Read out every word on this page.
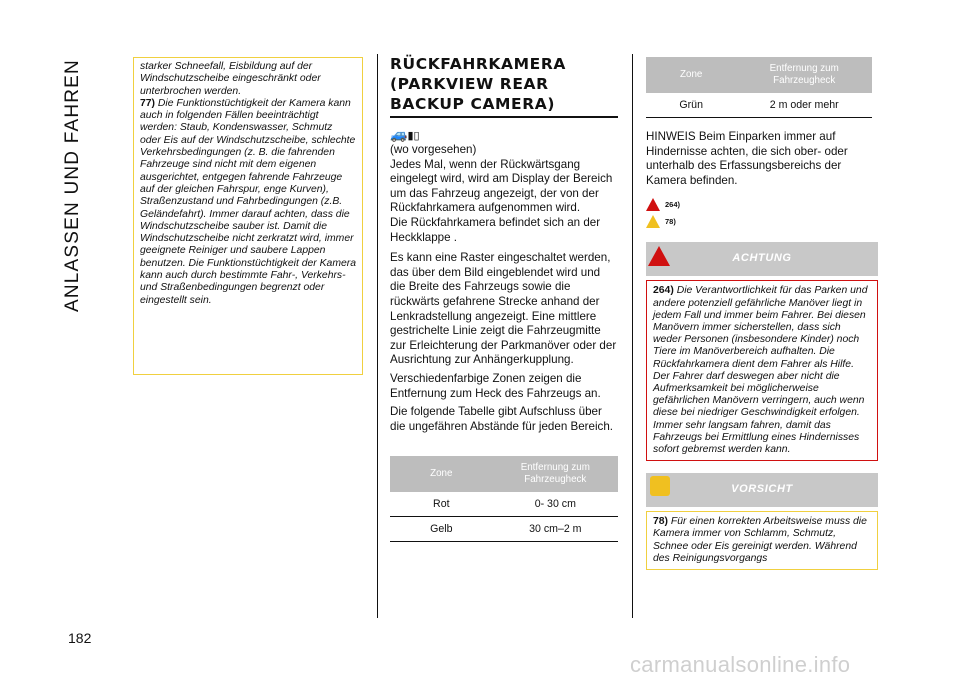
ANLASSEN UND FAHREN
182
starker Schneefall, Eisbildung auf der Windschutzscheibe eingeschränkt oder unterbrochen werden.
77) Die Funktionstüchtigkeit der Kamera kann auch in folgenden Fällen beeinträchtigt werden: Staub, Kondenswasser, Schmutz oder Eis auf der Windschutzscheibe, schlechte Verkehrsbedingungen (z. B. die fahrenden Fahrzeuge sind nicht mit dem eigenen ausgerichtet, entgegen fahrende Fahrzeuge auf der gleichen Fahrspur, enge Kurven), Straßenzustand und Fahrbedingungen (z.B. Geländefahrt). Immer darauf achten, dass die Windschutzscheibe sauber ist. Damit die Windschutzscheibe nicht zerkratzt wird, immer geeignete Reiniger und saubere Lappen benutzen. Die Funktionstüchtigkeit der Kamera kann auch durch bestimmte Fahr-, Verkehrs- und Straßenbedingungen begrenzt oder eingestellt sein.
RÜCKFAHRKAMERA (PARKVIEW REAR BACKUP CAMERA)
🚙▮▯

(wo vorgesehen)

Jedes Mal, wenn der Rückwärtsgang eingelegt wird, wird am Display der Bereich um das Fahrzeug angezeigt, der von der Rückfahrkamera aufgenommen wird.

Die Rückfahrkamera befindet sich an der Heckklappe .

Es kann eine Raster eingeschaltet werden, das über dem Bild eingeblendet wird und die Breite des Fahrzeugs sowie die rückwärts gefahrene Strecke anhand der Lenkradstellung angezeigt. Eine mittlere gestrichelte Linie zeigt die Fahrzeugmitte zur Erleichterung der Parkmanöver oder der Ausrichtung zur Anhängerkupplung.

Verschiedenfarbige Zonen zeigen die Entfernung zum Heck des Fahrzeugs an.

Die folgende Tabelle gibt Aufschluss über die ungefähren Abstände für jeden Bereich.

Zone	Entfernung zum Fahrzeugheck
Rot	0- 30 cm
Gelb	30 cm–2 m
Zone	Entfernung zum Fahrzeugheck
Grün	2 m oder mehr
HINWEIS Beim Einparken immer auf Hindernisse achten, die sich ober- oder unterhalb des Erfassungsbereichs der Kamera befinden.
264)
78)
ACHTUNG
264) Die Verantwortlichkeit für das Parken und andere potenziell gefährliche Manöver liegt in jedem Fall und immer beim Fahrer. Bei diesen Manövern immer sicherstellen, dass sich weder Personen (insbesondere Kinder) noch Tiere im Manöverbereich aufhalten. Die Rückfahrkamera dient dem Fahrer als Hilfe. Der Fahrer darf deswegen aber nicht die Aufmerksamkeit bei möglicherweise gefährlichen Manövern verringern, auch wenn diese bei niedriger Geschwindigkeit erfolgen. Immer sehr langsam fahren, damit das Fahrzeugs bei Ermittlung eines Hindernisses sofort gebremst werden kann.
VORSICHT
78) Für einen korrekten Arbeitsweise muss die Kamera immer von Schlamm, Schmutz, Schnee oder Eis gereinigt werden. Während des Reinigungsvorgangs
carmanualsonline.info
